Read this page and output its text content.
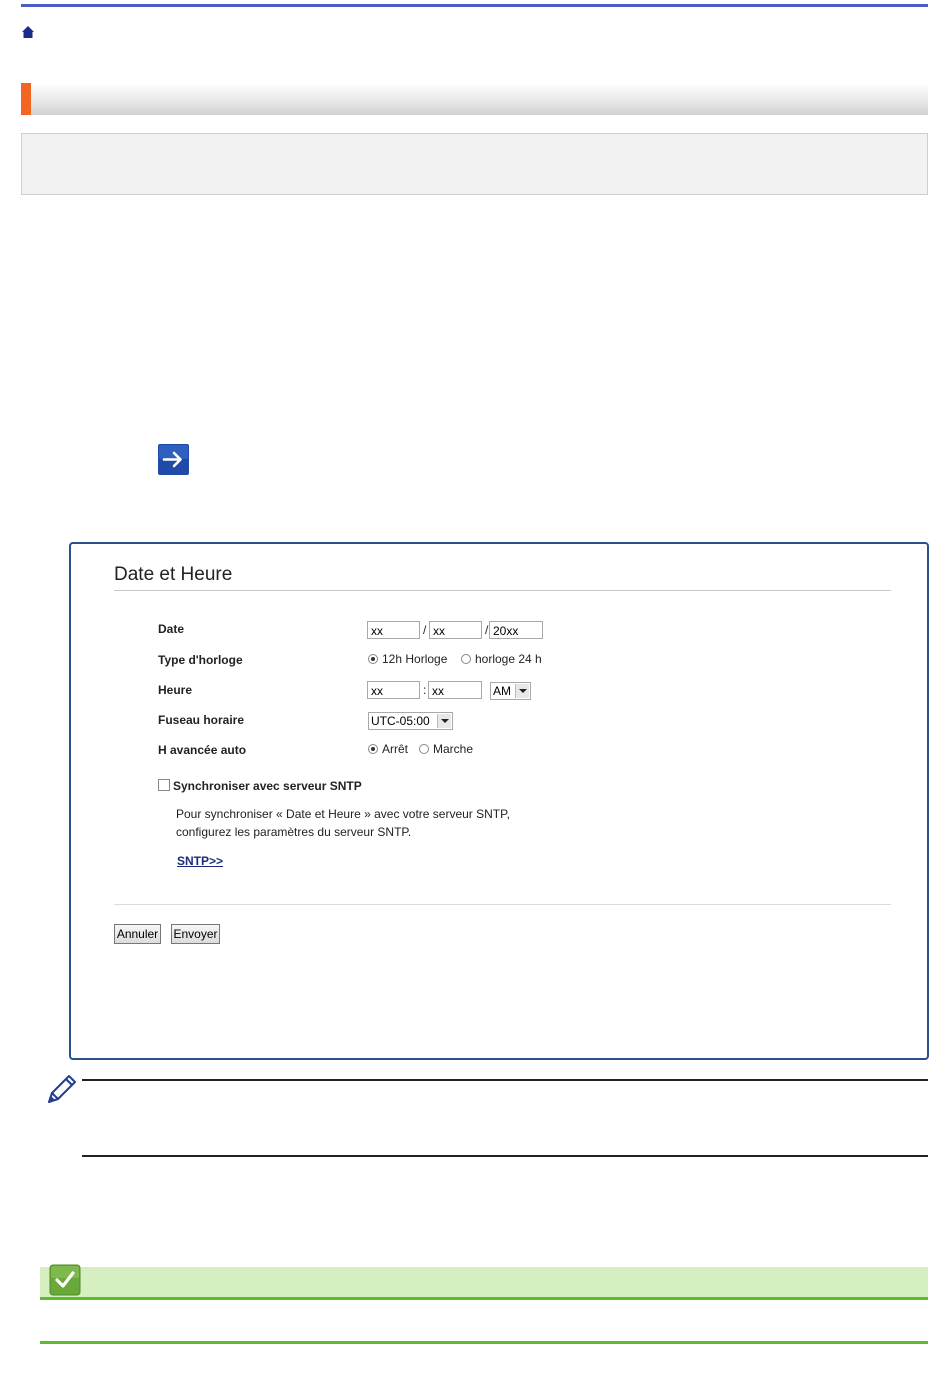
Date et Heure
Date	xx	/ xx	/ 20xx
Type d'horloge	12h Horloge horloge 24 h
Heure	xx	: xx	AM
Fuseau horaire	UTC-05:00
H avancée auto	Arrêt Marche
Synchroniser avec serveur SNTP
Pour synchroniser « Date et Heure » avec votre serveur SNTP,
configurez les paramètres du serveur SNTP.
SNTP>>
Annuler Envoyer
